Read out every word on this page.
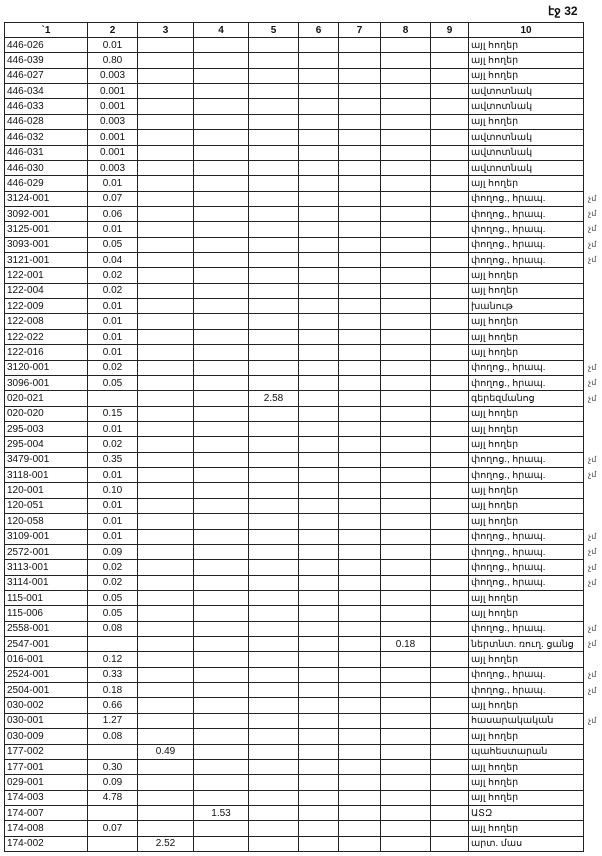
էջ 32
`1	2	3	4	5	6	7	8	9	10
446-026	0.01								այլ հողեր
446-039	0.80								այլ հողեր
446-027	0.003								այլ հողեր
446-034	0.001								ավտոտնակ
446-033	0.001								ավտոտնակ
446-028	0.003								այլ հողեր
446-032	0.001								ավտոտնակ
446-031	0.001								ավտոտնակ
446-030	0.003								ավտոտնակ
446-029	0.01								այլ հողեր
3124-001	0.07								փողոց., հրապ.
3092-001	0.06								փողոց., հրապ.
3125-001	0.01								փողոց., հրապ.
3093-001	0.05								փողոց., հրապ.
3121-001	0.04								փողոց., հրապ.
122-001	0.02								այլ հողեր
122-004	0.02								այլ հողեր
122-009	0.01								խանութ
122-008	0.01								այլ հողեր
122-022	0.01								այլ հողեր
122-016	0.01								այլ հողեր
3120-001	0.02								փողոց., հրապ.
3096-001	0.05								փողոց., հրապ.
020-021				2.58					գերեզմանոց
020-020	0.15								այլ հողեր
295-003	0.01								այլ հողեր
295-004	0.02								այլ հողեր
3479-001	0.35								փողոց., հրապ.
3118-001	0.01								փողոց., հրապ.
120-001	0.10								այլ հողեր
120-051	0.01								այլ հողեր
120-058	0.01								այլ հողեր
3109-001	0.01								փողոց., հրապ.
2572-001	0.09								փողոց., հրապ.
3113-001	0.02								փողոց., հրապ.
3114-001	0.02								փողոց., հրապ.
115-001	0.05								այլ հողեր
115-006	0.05								այլ հողեր
2558-001	0.08								փողոց., հրապ.
2547-001							0.18		ներտնտ. ռուղ. ցանց
016-001	0.12								այլ հողեր
2524-001	0.33								փողոց., հրապ.
2504-001	0.18								փողոց., հրապ.
030-002	0.66								այլ հողեր
030-001	1.27								հասարակական
030-009	0.08								այլ հողեր
177-002		0.49							պահեստարան
177-001	0.30								այլ հողեր
029-001	0.09								այլ հողեր
174-003	4.78								այլ հողեր
174-007			1.53						ԱՏԶ
174-008	0.07								այլ հողեր
174-002		2.52							արտ. մաս
չմ
չմ
չմ
չմ
չմ
չմ
չմ
չմ
չմ
չմ
չմ
չմ
չմ
չմ
չմ
չմ
չմ
չմ
չմ
